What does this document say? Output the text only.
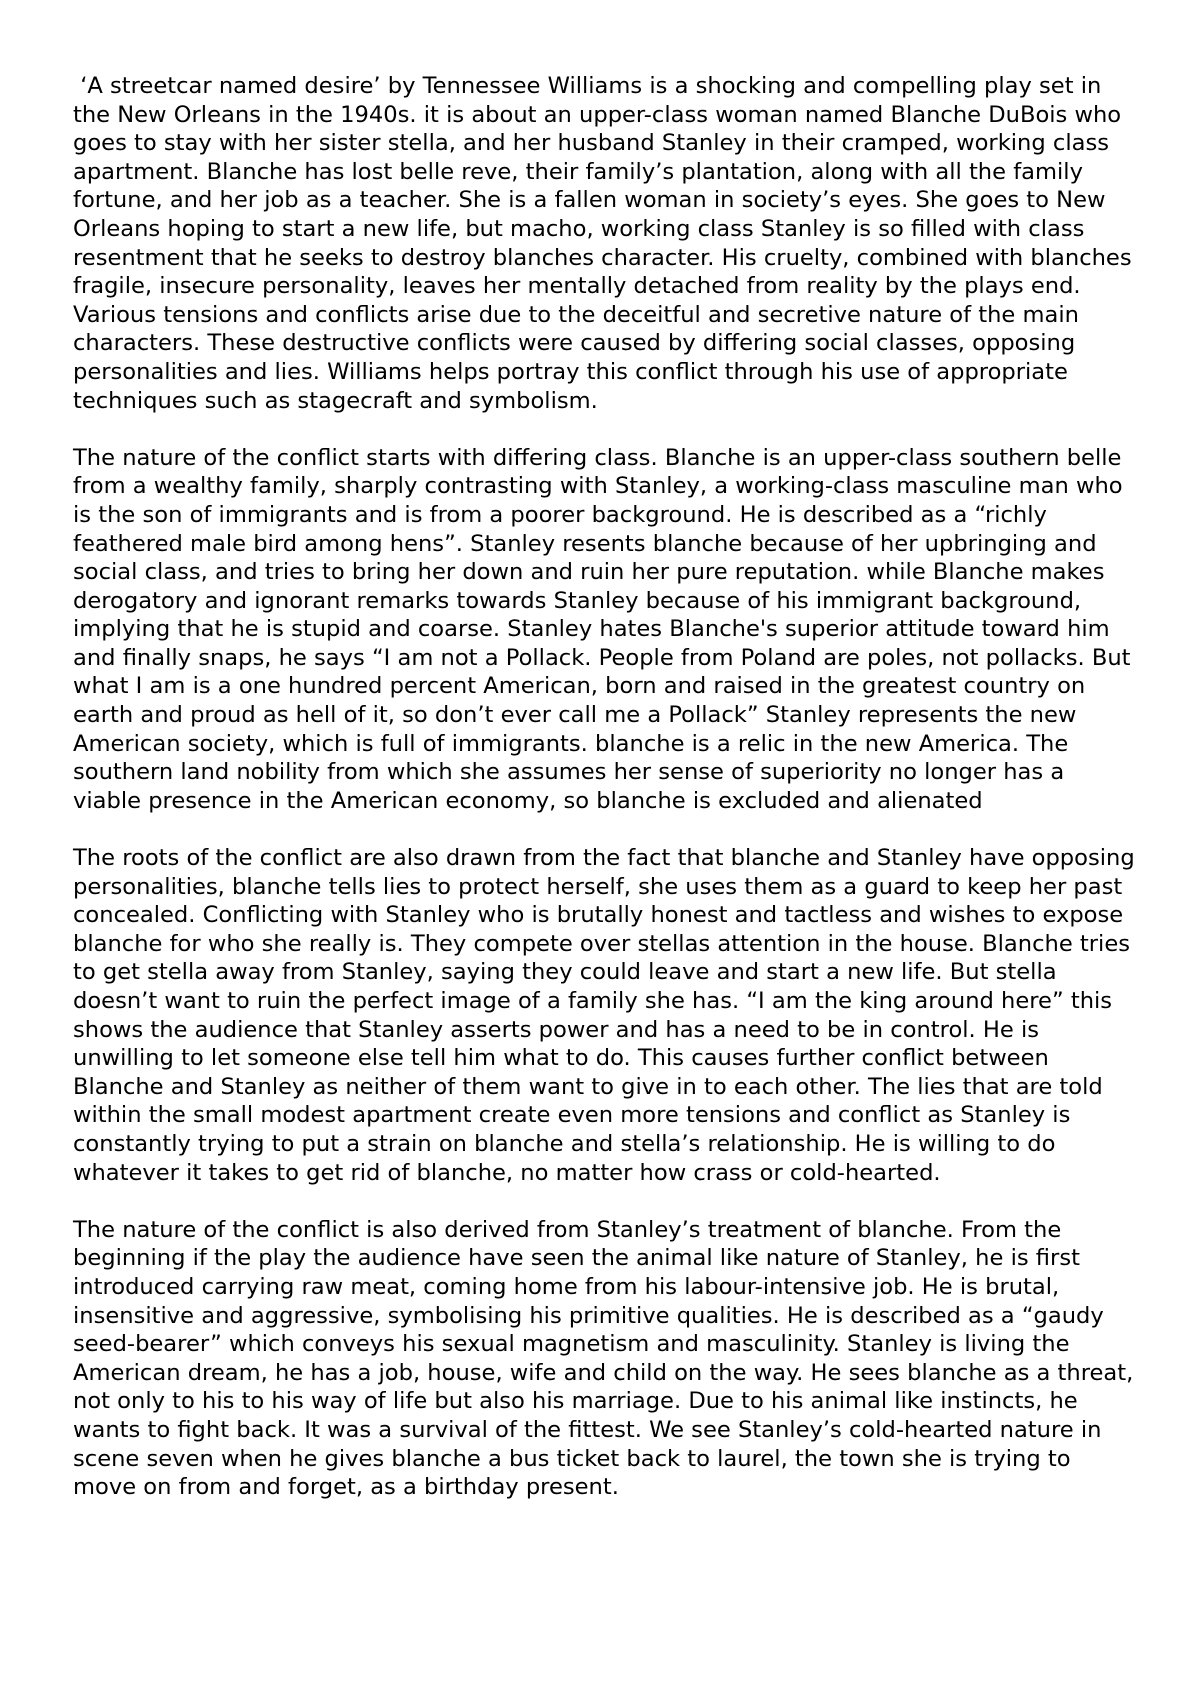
‘A streetcar named desire’ by Tennessee Williams is a shocking and compelling play set in  the New Orleans in the 1940s. it is about an upper-class woman named Blanche DuBois who goes to stay with her sister stella, and her husband Stanley in their cramped, working class apartment. Blanche has lost belle reve, their family’s plantation, along with all the family fortune, and her job as a teacher. She is a fallen woman in society’s eyes. She goes to New Orleans hoping to start a new life, but macho, working class Stanley is so filled with class resentment that he seeks to destroy blanches character. His cruelty, combined with blanches fragile, insecure personality, leaves her mentally detached from reality by the plays end. Various tensions and conflicts arise due to the deceitful and secretive nature of the main characters. These destructive conflicts were caused by differing social classes, opposing personalities and lies. Williams helps portray this conflict through his use of appropriate techniques such as stagecraft and symbolism.

The nature of the conflict starts with differing class. Blanche is an upper-class southern belle from a wealthy family, sharply contrasting with Stanley, a working-class masculine man who is the son of immigrants and is from a poorer background. He is described as a “richly feathered male bird among hens”. Stanley resents blanche because of her upbringing and social class, and tries to bring her down and ruin her pure reputation. while Blanche makes derogatory and ignorant remarks towards Stanley because of his immigrant background, implying that he is stupid and coarse. Stanley hates Blanche's superior attitude toward him and finally snaps, he says “I am not a Pollack. People from Poland are poles, not pollacks. But what I am is a one hundred percent American, born and raised in the greatest country on earth and proud as hell of it, so don’t ever call me a Pollack” Stanley represents the new American society, which is full of immigrants. blanche is a relic in the new America. The southern land nobility from which she assumes her sense of superiority no longer has a viable presence in the American economy, so blanche is excluded and alienated

The roots of the conflict are also drawn from the fact that blanche and Stanley have opposing personalities, blanche tells lies to protect herself, she uses them as a guard to keep her past concealed. Conflicting with Stanley who is brutally honest and tactless and wishes to expose blanche for who she really is. They compete over stellas attention in the house. Blanche tries to get stella away from Stanley, saying they could leave and start a new life. But stella doesn’t want to ruin the perfect image of a family she has. “I am the king around here” this shows the audience that Stanley asserts power and has a need to be in control. He is unwilling to let someone else tell him what to do. This causes further conflict between Blanche and Stanley as neither of them want to give in to each other. The lies that are told within the small modest apartment create even more tensions and conflict as Stanley is constantly trying to put a strain on blanche and stella’s relationship. He is willing to do whatever it takes to get rid of blanche, no matter how crass or cold-hearted.

The nature of the conflict is also derived from Stanley’s treatment of blanche. From the beginning if the play the audience have seen the animal like nature of Stanley, he is first introduced carrying raw meat, coming home from his labour-intensive job. He is brutal, insensitive and aggressive, symbolising his primitive qualities. He is described as a “gaudy seed-bearer” which conveys his sexual magnetism and masculinity. Stanley is living the American dream, he has a job, house, wife and child on the way. He sees blanche as a threat, not only to his to his way of life but also his marriage. Due to his animal like instincts, he wants to fight back. It was a survival of the fittest. We see Stanley’s cold-hearted nature in scene seven when he gives blanche a bus ticket back to laurel, the town she is trying to move on from and forget, as a birthday present.
